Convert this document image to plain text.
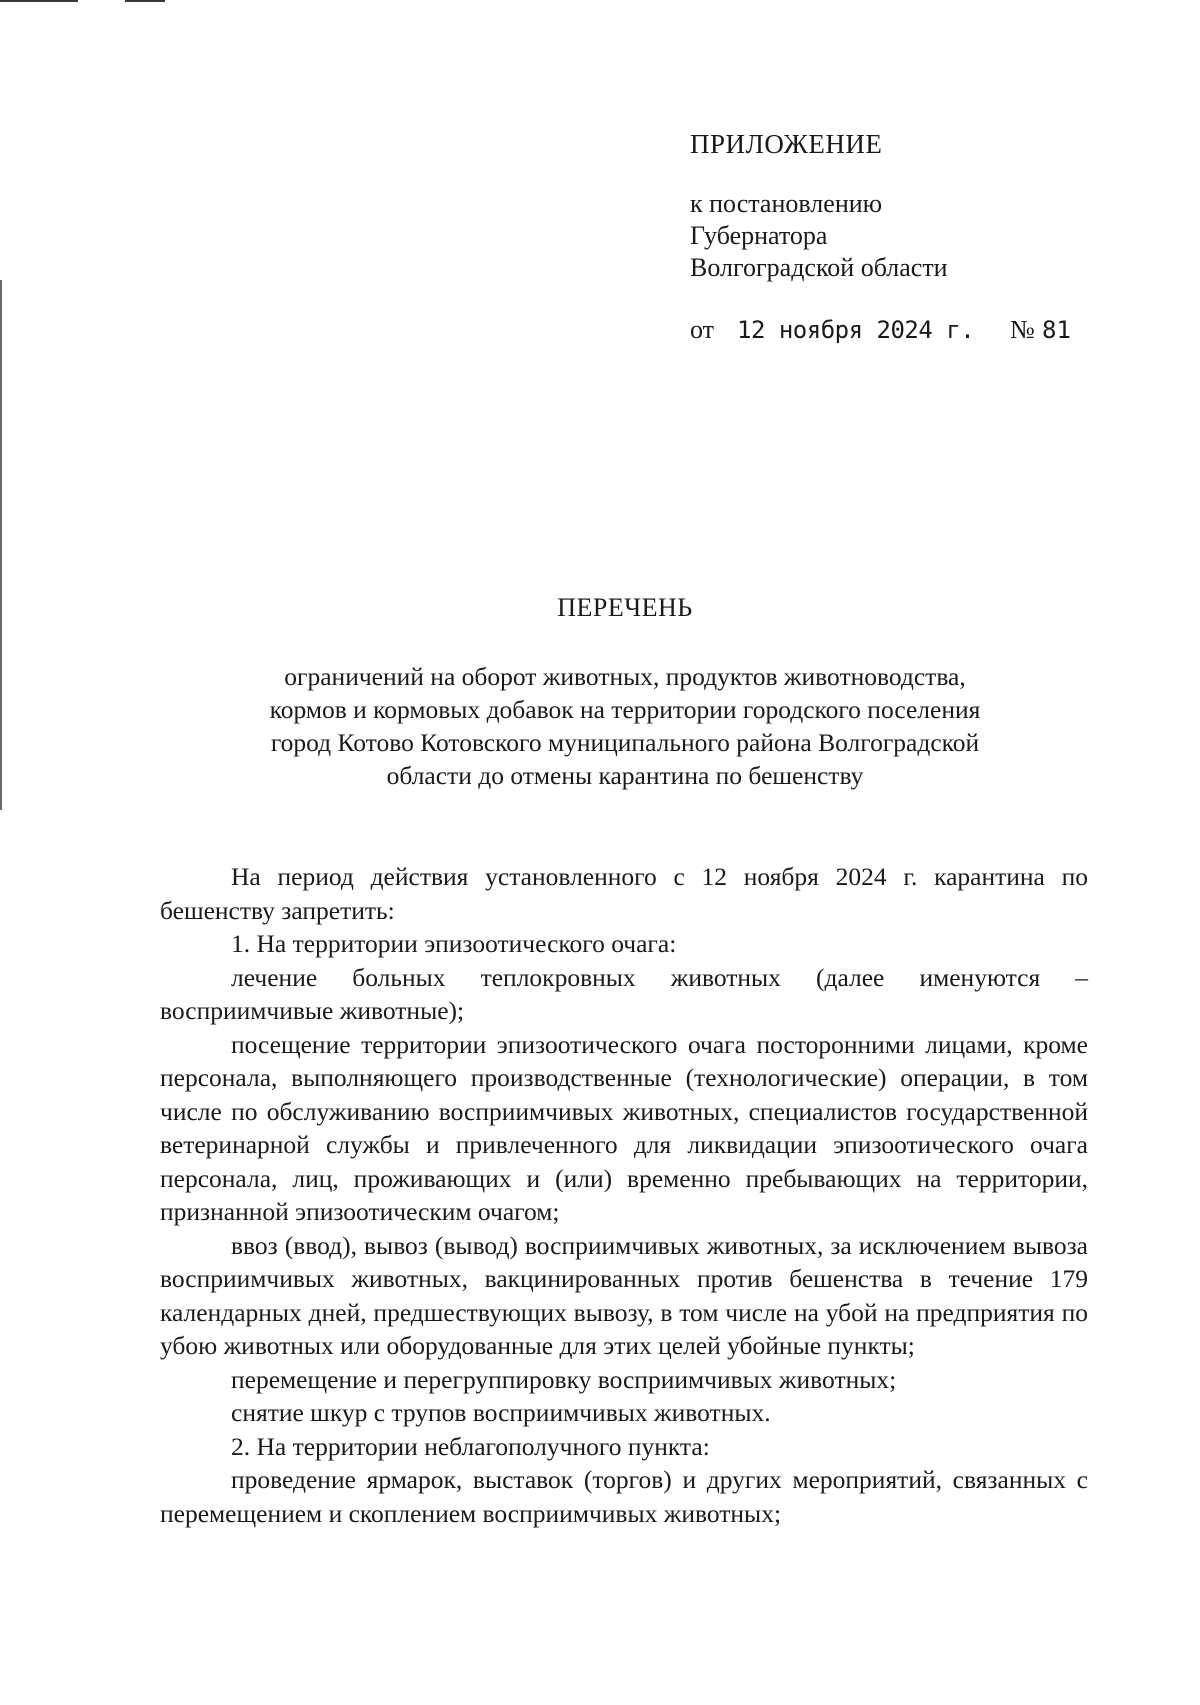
ПРИЛОЖЕНИЕ
к постановлению
Губернатора
Волгоградской области
от 12 ноября 2024 г. № 81
ПЕРЕЧЕНЬ
ограничений на оборот животных, продуктов животноводства,
кормов и кормовых добавок на территории городского поселения
город Котово Котовского муниципального района Волгоградской
области до отмены карантина по бешенству

На период действия установленного с 12 ноября 2024 г. карантина по бешенству запретить:

1. На территории эпизоотического очага:

лечение больных теплокровных животных (далее именуются – восприимчивые животные);

посещение территории эпизоотического очага посторонними лицами, кроме персонала, выполняющего производственные (технологические) операции, в том числе по обслуживанию восприимчивых животных, специалистов государственной ветеринарной службы и привлеченного для ликвидации эпизоотического очага персонала, лиц, проживающих и (или) временно пребывающих на территории, признанной эпизоотическим очагом;

ввоз (ввод), вывоз (вывод) восприимчивых животных, за исключением вывоза восприимчивых животных, вакцинированных против бешенства в течение 179 календарных дней, предшествующих вывозу, в том числе на убой на предприятия по убою животных или оборудованные для этих целей убойные пункты;

перемещение и перегруппировку восприимчивых животных;

снятие шкур с трупов восприимчивых животных.

2. На территории неблагополучного пункта:

проведение ярмарок, выставок (торгов) и других мероприятий, связанных с перемещением и скоплением восприимчивых животных;
